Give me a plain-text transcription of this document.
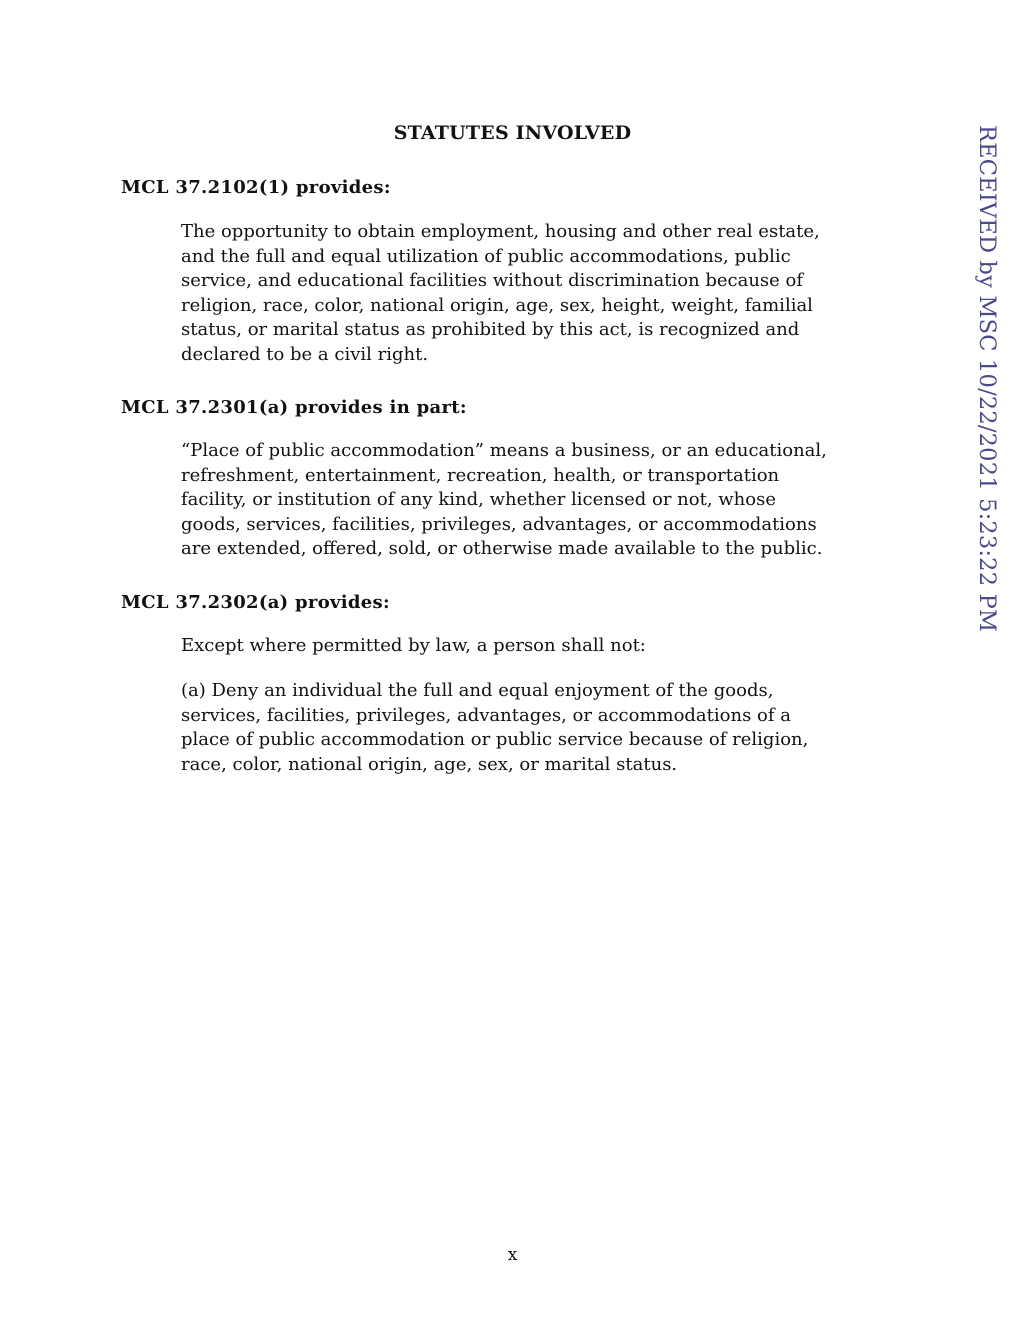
STATUTES INVOLVED
MCL 37.2102(1) provides:
The opportunity to obtain employment, housing and other real estate,
and the full and equal utilization of public accommodations, public
service, and educational facilities without discrimination because of
religion, race, color, national origin, age, sex, height, weight, familial
status, or marital status as prohibited by this act, is recognized and
declared to be a civil right.
MCL 37.2301(a) provides in part:
“Place of public accommodation” means a business, or an educational,
refreshment, entertainment, recreation, health, or transportation
facility, or institution of any kind, whether licensed or not, whose
goods, services, facilities, privileges, advantages, or accommodations
are extended, offered, sold, or otherwise made available to the public.
MCL 37.2302(a) provides:
Except where permitted by law, a person shall not:
(a) Deny an individual the full and equal enjoyment of the goods,
services, facilities, privileges, advantages, or accommodations of a
place of public accommodation or public service because of religion,
race, color, national origin, age, sex, or marital status.
RECEIVED by MSC 10/22/2021 5:23:22 PM
x
